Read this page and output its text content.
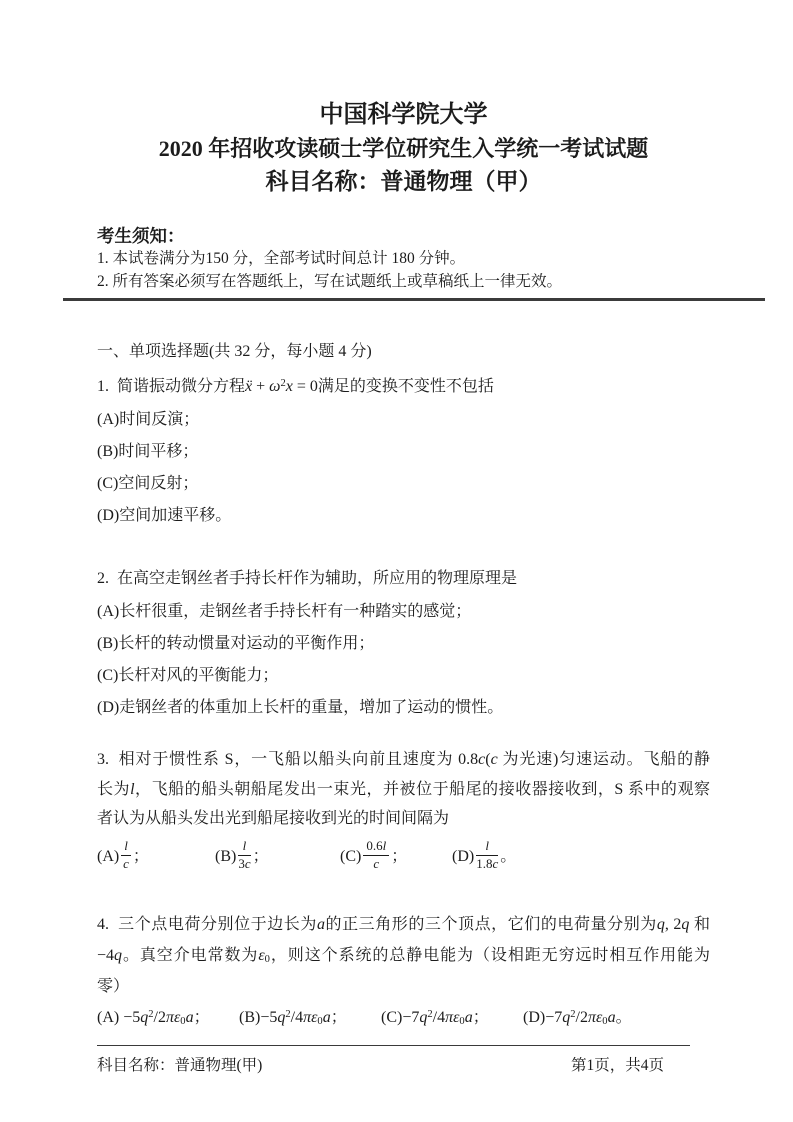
中国科学院大学
2020 年招收攻读硕士学位研究生入学统一考试试题
科目名称：普通物理（甲）
考生须知：
1. 本试卷满分为150 分，全部考试时间总计 180 分钟。
2. 所有答案必须写在答题纸上，写在试题纸上或草稿纸上一律无效。
一、单项选择题(共 32 分，每小题 4 分)
1.  简谐振动微分方程ẍ + $\omega^2x = 0$满足的变换不变性不包括
(A)时间反演；
(B)时间平移；
(C)空间反射；
(D)空间加速平移。
2.  在高空走钢丝者手持长杆作为辅助，所应用的物理原理是
(A)长杆很重，走钢丝者手持长杆有一种踏实的感觉；
(B)长杆的转动惯量对运动的平衡作用；
(C)长杆对风的平衡能力；
(D)走钢丝者的体重加上长杆的重量，增加了运动的惯性。
3.  相对于惯性系 S，一飞船以船头向前且速度为 0.8c(c 为光速)匀速运动。飞船的静
长为l，飞船的船头朝船尾发出一束光，并被位于船尾的接收器接收到，S 系中的观察
者认为从船头发出光到船尾接收到光的时间间隔为
$(A) \frac{l}{c}$ ；	$(B) \frac{l}{3c}$ ；	$(C) \frac{0.6l}{c}$ ；	$(D) \frac{l}{1.8c}$ 。
4.  三个点电荷分别位于边长为a的正三角形的三个顶点，它们的电荷量分别为q, 2q 和
−4q。真空介电常数为ε0，则这个系统的总静电能为（设相距无穷远时相互作用能为
零）
$(A) -5q^2/2\pi\varepsilon 0a$；	$(B)-5q^2/4\pi\varepsilon 0a$；	$(C)-7q^2/4\pi\varepsilon 0a$；	$(D)-7q^2/2\pi\varepsilon 0a$。
科目名称：普通物理(甲)	第1页，共4页
